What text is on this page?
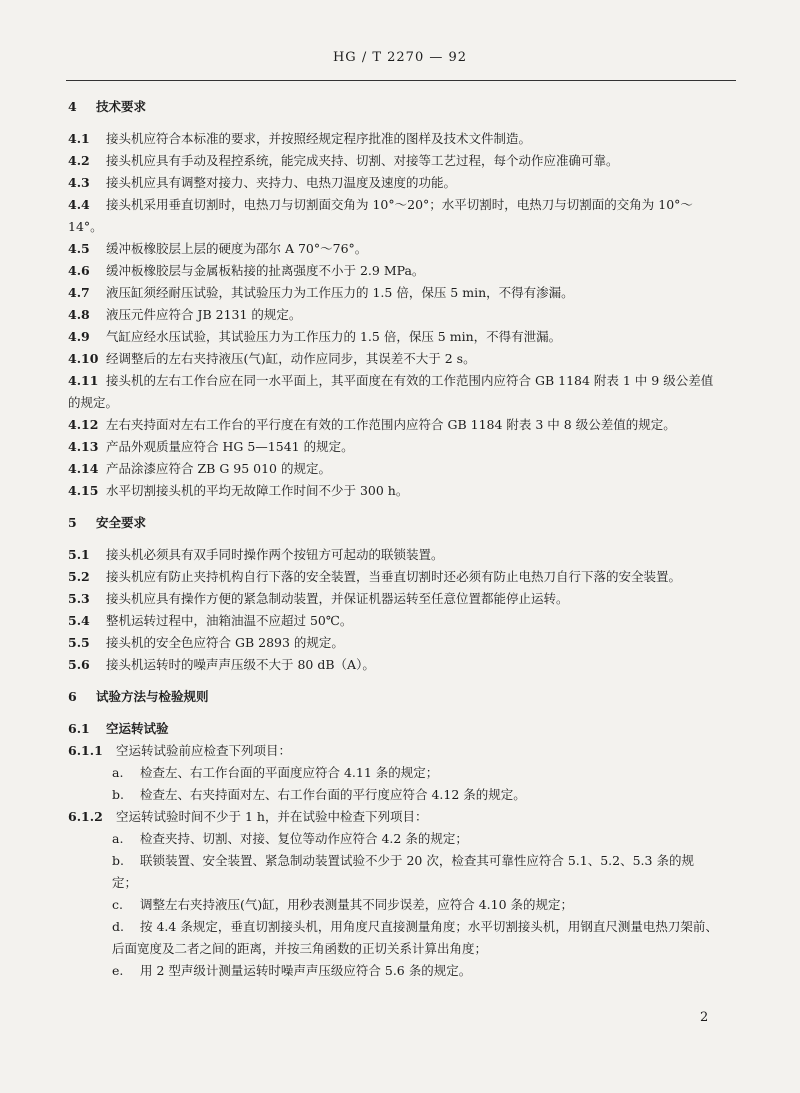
HG / T 2270 — 92

4 技术要求

4.1 接头机应符合本标准的要求，并按照经规定程序批准的图样及技术文件制造。

4.2 接头机应具有手动及程控系统，能完成夹持、切割、对接等工艺过程，每个动作应准确可靠。

4.3 接头机应具有调整对接力、夹持力、电热刀温度及速度的功能。

4.4 接头机采用垂直切割时，电热刀与切割面交角为 10°～20°；水平切割时，电热刀与切割面的交角为 10°～14°。

4.5 缓冲板橡胶层上层的硬度为邵尔 A 70°～76°。

4.6 缓冲板橡胶层与金属板粘接的扯离强度不小于 2.9 MPa。

4.7 液压缸须经耐压试验，其试验压力为工作压力的 1.5 倍，保压 5 min，不得有渗漏。

4.8 液压元件应符合 JB 2131 的规定。

4.9 气缸应经水压试验，其试验压力为工作压力的 1.5 倍，保压 5 min，不得有泄漏。

4.10 经调整后的左右夹持液压(气)缸，动作应同步，其误差不大于 2 s。

4.11 接头机的左右工作台应在同一水平面上，其平面度在有效的工作范围内应符合 GB 1184 附表 1 中 9 级公差值的规定。

4.12 左右夹持面对左右工作台的平行度在有效的工作范围内应符合 GB 1184 附表 3 中 8 级公差值的规定。

4.13 产品外观质量应符合 HG 5—1541 的规定。

4.14 产品涂漆应符合 ZB G 95 010 的规定。

4.15 水平切割接头机的平均无故障工作时间不少于 300 h。

5 安全要求

5.1 接头机必须具有双手同时操作两个按钮方可起动的联锁装置。

5.2 接头机应有防止夹持机构自行下落的安全装置，当垂直切割时还必须有防止电热刀自行下落的安全装置。

5.3 接头机应具有操作方便的紧急制动装置，并保证机器运转至任意位置都能停止运转。

5.4 整机运转过程中，油箱油温不应超过 50℃。

5.5 接头机的安全色应符合 GB 2893 的规定。

5.6 接头机运转时的噪声声压级不大于 80 dB（A）。

6 试验方法与检验规则

6.1 空运转试验

6.1.1 空运转试验前应检查下列项目：

a. 检查左、右工作台面的平面度应符合 4.11 条的规定；

b. 检查左、右夹持面对左、右工作台面的平行度应符合 4.12 条的规定。

6.1.2 空运转试验时间不少于 1 h，并在试验中检查下列项目：

a. 检查夹持、切割、对接、复位等动作应符合 4.2 条的规定；

b. 联锁装置、安全装置、紧急制动装置试验不少于 20 次，检查其可靠性应符合 5.1、5.2、5.3 条的规定；

c. 调整左右夹持液压(气)缸，用秒表测量其不同步误差，应符合 4.10 条的规定；

d. 按 4.4 条规定，垂直切割接头机，用角度尺直接测量角度；水平切割接头机，用钢直尺测量电热刀架前、后面宽度及二者之间的距离，并按三角函数的正切关系计算出角度；

e. 用 2 型声级计测量运转时噪声声压级应符合 5.6 条的规定。

2
